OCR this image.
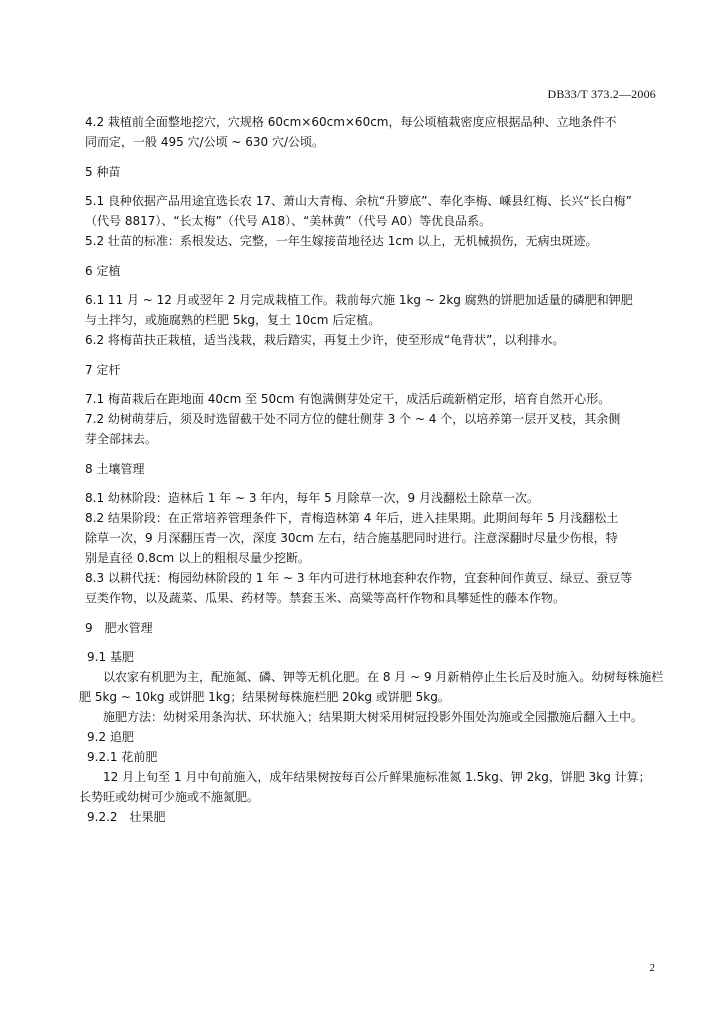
DB33/T 373.2—2006

4.2 栽植前全面整地挖穴，穴规格 60cm×60cm×60cm，每公顷植栽密度应根据品种、立地条件不

同而定，一般 495 穴/公顷 ~ 630 穴/公顷。

5 种苗

5.1 良种依据产品用途宜选长农 17、萧山大青梅、余杭“升箩底”、奉化李梅、嵊县红梅、长兴“长白梅”

（代号 8817）、“长太梅”（代号 A18）、“美林黄”（代号 A0）等优良品系。

5.2 壮苗的标准：系根发达、完整，一年生嫁接苗地径达 1cm 以上，无机械损伤，无病虫斑迹。

6 定植

6.1 11 月 ~ 12 月或翌年 2 月完成栽植工作。栽前每穴施 1kg ~ 2kg 腐熟的饼肥加适量的磷肥和钾肥

与土拌匀，或施腐熟的栏肥 5kg，复土 10cm 后定植。

6.2 将梅苗扶正栽植，适当浅栽，栽后踏实，再复土少许，使至形成“龟背状”，以利排水。

7 定杆

7.1 梅苗栽后在距地面 40cm 至 50cm 有饱满侧芽处定干，成活后疏新梢定形，培育自然开心形。

7.2 幼树萌芽后，须及时选留截干处不同方位的健壮侧芽 3 个 ~ 4 个，以培养第一层开叉枝，其余侧

芽全部抹去。

8 土壤管理

8.1 幼林阶段：造林后 1 年 ~ 3 年内，每年 5 月除草一次，9 月浅翻松土除草一次。

8.2 结果阶段：在正常培养管理条件下，青梅造林第 4 年后，进入挂果期。此期间每年 5 月浅翻松土

除草一次，9 月深翻压青一次，深度 30cm 左右，结合施基肥同时进行。注意深翻时尽量少伤根，特

别是直径 0.8cm 以上的粗根尽量少挖断。

8.3 以耕代抚：梅园幼林阶段的 1 年 ~ 3 年内可进行林地套种农作物，宜套种间作黄豆、绿豆、蚕豆等

豆类作物，以及蔬菜、瓜果、药材等。禁套玉米、高粱等高杆作物和具攀延性的藤本作物。

9　肥水管理

9.1 基肥

以农家有机肥为主，配施氮、磷、钾等无机化肥。在 8 月 ~ 9 月新梢停止生长后及时施入。幼树每株施栏

肥 5kg ~ 10kg 或饼肥 1kg；结果树每株施栏肥 20kg 或饼肥 5kg。

施肥方法：幼树采用条沟状、环状施入；结果期大树采用树冠投影外围处沟施或全园撒施后翻入土中。

9.2 追肥

9.2.1 花前肥

12 月上旬至 1 月中旬前施入，成年结果树按每百公斤鲜果施标准氮 1.5kg、钾 2kg，饼肥 3kg 计算；

长势旺或幼树可少施或不施氮肥。

9.2.2　壮果肥

2
